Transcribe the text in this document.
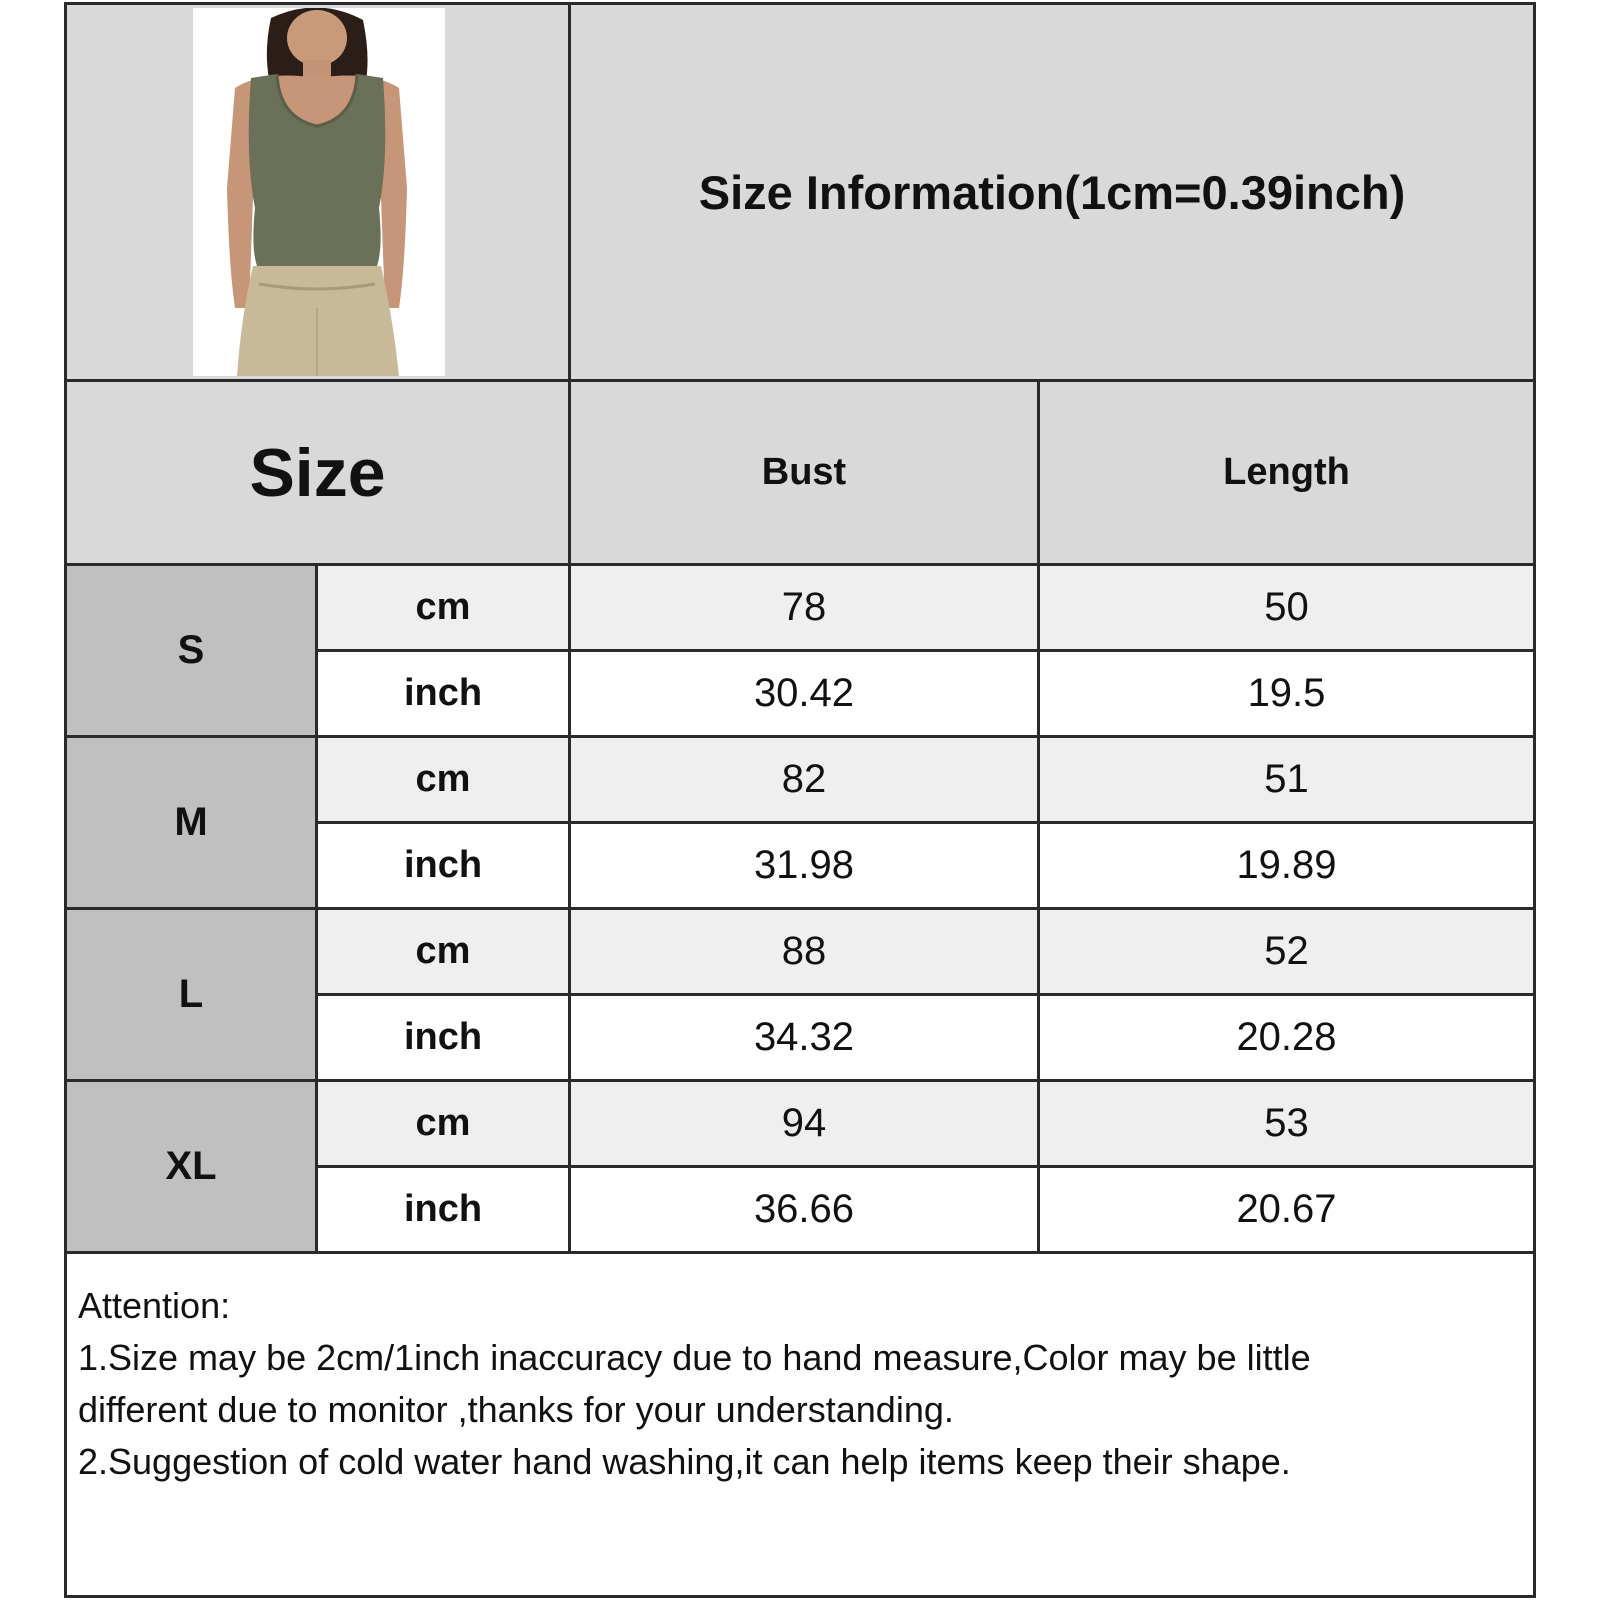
Size Information(1cm=0.39inch)
Size	Bust	Length
S
cm	78	50
inch	30.42	19.5
M
cm	82	51
inch	31.98	19.89
L
cm	88	52
inch	34.32	20.28
XL
cm	94	53
inch	36.66	20.67
Attention:
1.Size may be 2cm/1inch inaccuracy due to hand measure,Color may be little
different due to monitor ,thanks for your understanding.
2.Suggestion of cold water hand washing,it can help items keep their shape.
